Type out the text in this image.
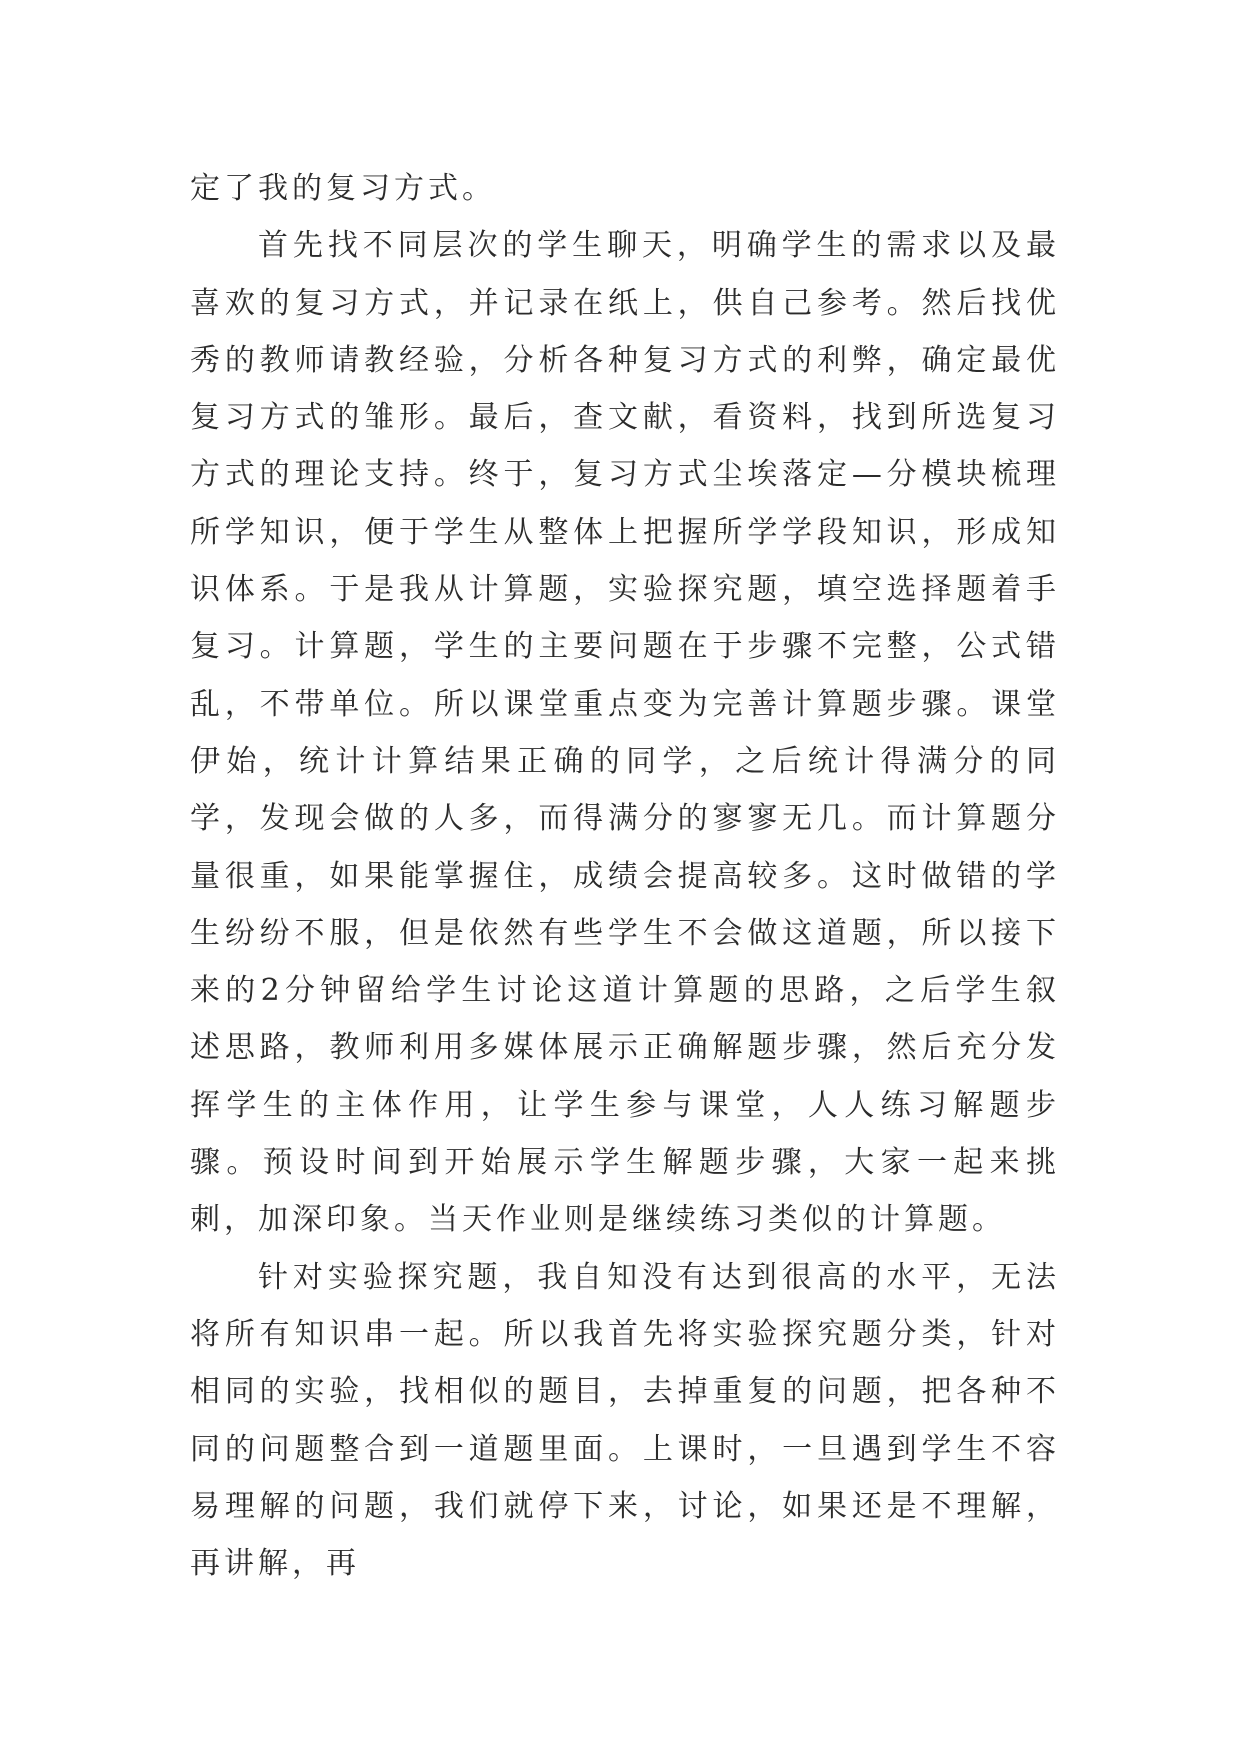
定了我的复习方式。

首先找不同层次的学生聊天，明确学生的需求以及最喜欢的复习方式，并记录在纸上，供自己参考。然后找优秀的教师请教经验，分析各种复习方式的利弊，确定最优复习方式的雏形。最后，查文献，看资料，找到所选复习方式的理论支持。终于，复习方式尘埃落定—分模块梳理所学知识，便于学生从整体上把握所学学段知识，形成知识体系。于是我从计算题，实验探究题，填空选择题着手复习。计算题，学生的主要问题在于步骤不完整，公式错乱，不带单位。所以课堂重点变为完善计算题步骤。课堂伊始，统计计算结果正确的同学，之后统计得满分的同学，发现会做的人多，而得满分的寥寥无几。而计算题分量很重，如果能掌握住，成绩会提高较多。这时做错的学生纷纷不服，但是依然有些学生不会做这道题，所以接下来的2分钟留给学生讨论这道计算题的思路，之后学生叙述思路，教师利用多媒体展示正确解题步骤，然后充分发挥学生的主体作用，让学生参与课堂，人人练习解题步骤。预设时间到开始展示学生解题步骤，大家一起来挑刺，加深印象。当天作业则是继续练习类似的计算题。

针对实验探究题，我自知没有达到很高的水平，无法将所有知识串一起。所以我首先将实验探究题分类，针对相同的实验，找相似的题目，去掉重复的问题，把各种不同的问题整合到一道题里面。上课时，一旦遇到学生不容易理解的问题，我们就停下来，讨论，如果还是不理解，再讲解，再
